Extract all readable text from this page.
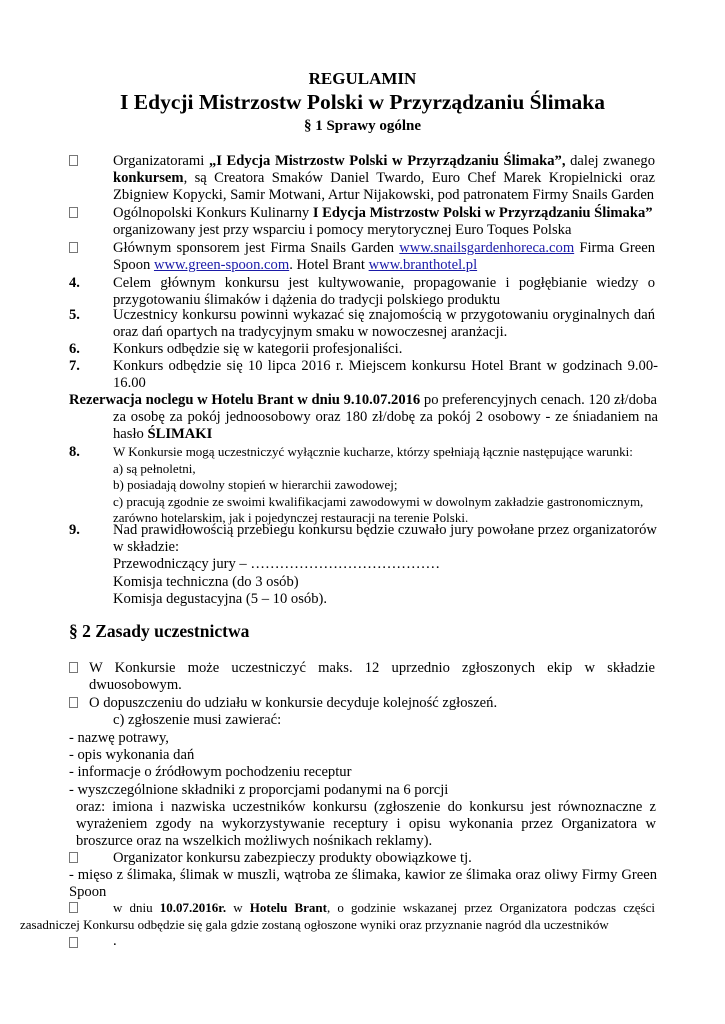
REGULAMIN
I Edycji Mistrzostw Polski w Przyrządzaniu Ślimaka
§ 1 Sprawy ogólne
Organizatorami „I Edycja Mistrzostw Polski w Przyrządzaniu Ślimaka”, dalej zwanego konkursem, są Creatora Smaków Daniel Twardo, Euro Chef Marek Kropielnicki oraz Zbigniew Kopycki, Samir Motwani, Artur Nijakowski, pod patronatem Firmy Snails Garden
Ogólnopolski Konkurs Kulinarny I Edycja Mistrzostw Polski w Przyrządzaniu Ślimaka” organizowany jest przy wsparciu i pomocy merytorycznej Euro Toques Polska
Głównym sponsorem jest Firma Snails Garden www.snailsgardenhoreca.com Firma Green Spoon www.green-spoon.com. Hotel Brant www.branthotel.pl
4. Celem głównym konkursu jest kultywowanie, propagowanie i pogłębianie wiedzy o przygotowaniu ślimaków i dążenia do tradycji polskiego produktu
5. Uczestnicy konkursu powinni wykazać się znajomością w przygotowaniu oryginalnych dań oraz dań opartych na tradycyjnym smaku w nowoczesnej aranżacji.
6. Konkurs odbędzie się w kategorii profesjonaliści.
7. Konkurs odbędzie się 10 lipca 2016 r. Miejscem konkursu Hotel Brant w godzinach 9.00-16.00
Rezerwacja noclegu w Hotelu Brant w dniu 9.10.07.2016 po preferencyjnych cenach. 120 zł/doba
za osobę za pokój jednoosobowy oraz 180 zł/dobę za pokój 2 osobowy - ze śniadaniem na hasło ŚLIMAKI
8.	W Konkursie mogą uczestniczyć wyłącznie kucharze, którzy spełniają łącznie następujące warunki:
a) są pełnoletni,
b) posiadają dowolny stopień w hierarchii zawodowej;
c) pracują zgodnie ze swoimi kwalifikacjami zawodowymi w dowolnym zakładzie gastronomicznym, zarówno hotelarskim, jak i pojedynczej restauracji na terenie Polski.
9. Nad prawidłowością przebiegu konkursu będzie czuwało jury powołane przez organizatorów w składzie:
Przewodniczący jury – …………………………………
Komisja techniczna (do 3 osób)
Komisja degustacyjna (5 – 10 osób).
§ 2 Zasady uczestnictwa
W Konkursie może uczestniczyć maks. 12 uprzednio zgłoszonych ekip w składzie dwuosobowym.
O dopuszczeniu do udziału w konkursie decyduje kolejność zgłoszeń.
c) zgłoszenie musi zawierać:
- nazwę potrawy,
- opis wykonania dań
- informacje o źródłowym pochodzeniu receptur
- wyszczególnione składniki z proporcjami podanymi na 6 porcji
oraz: imiona i nazwiska uczestników konkursu (zgłoszenie do konkursu jest równoznaczne z wyrażeniem zgody na wykorzystywanie receptury i opisu wykonania przez Organizatora w broszurce oraz na wszelkich możliwych nośnikach reklamy).
Organizator konkursu zabezpieczy produkty obowiązkowe tj.
- mięso z ślimaka, ślimak w muszli, wątroba ze ślimaka, kawior ze ślimaka oraz oliwy Firmy Green Spoon
w dniu 10.07.2016r. w Hotelu Brant, o godzinie wskazanej przez Organizatora podczas części
zasadniczej Konkursu odbędzie się gala gdzie zostaną ogłoszone wyniki oraz przyznanie nagród dla uczestników
.
